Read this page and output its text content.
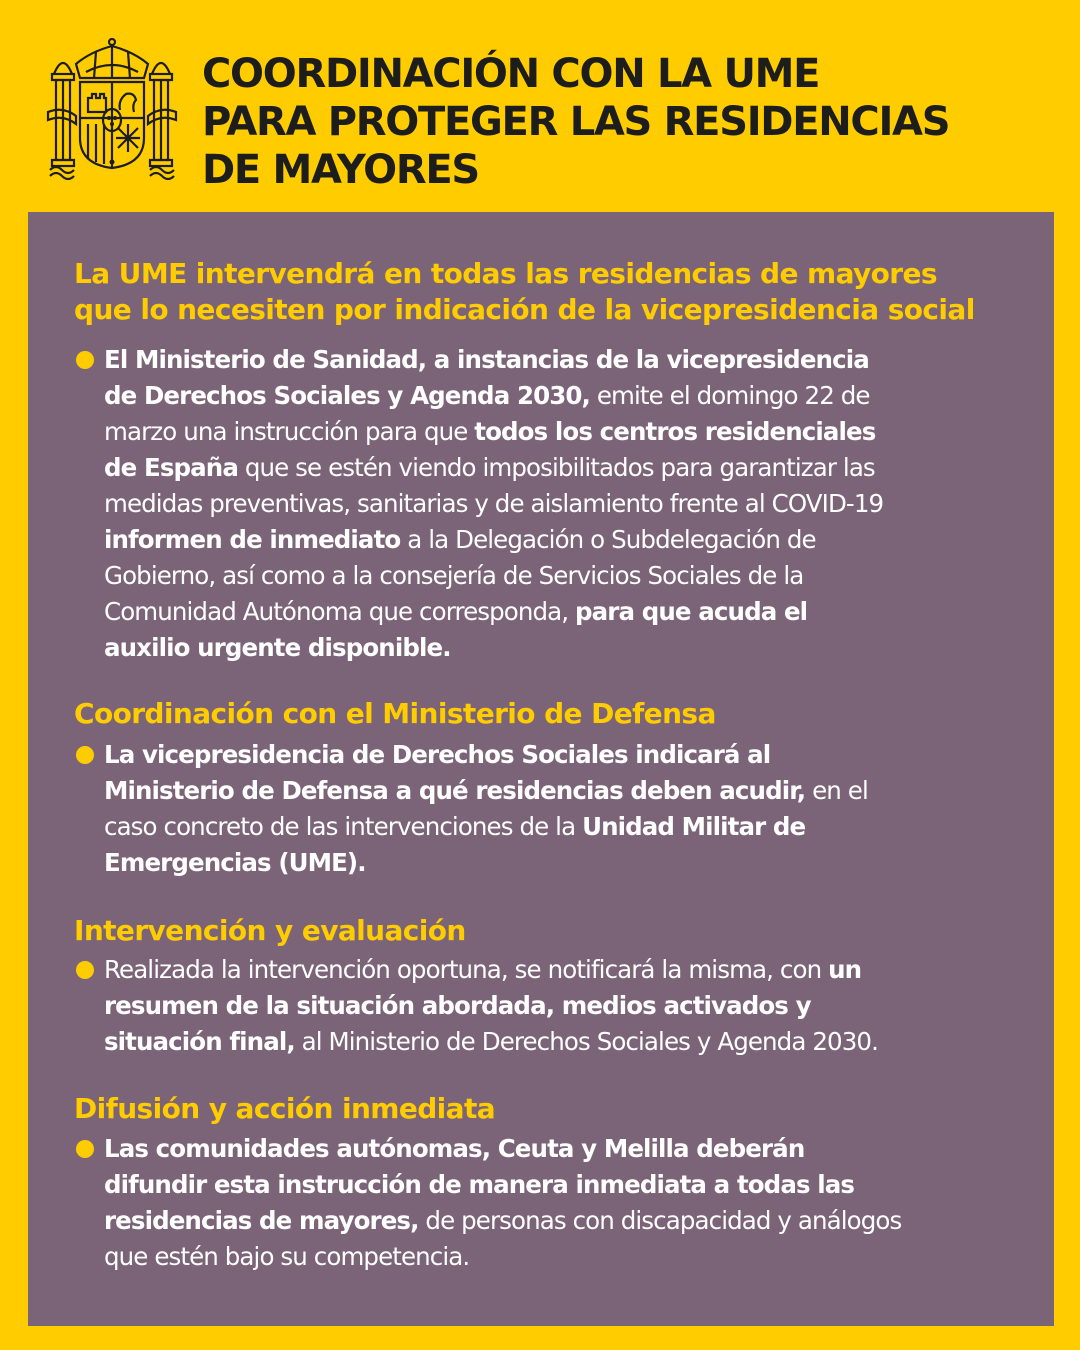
COORDINACIÓN CON LA UME
PARA PROTEGER LAS RESIDENCIAS
DE MAYORES
La UME intervendrá en todas las residencias de mayores
que lo necesiten por indicación de la vicepresidencia social

El Ministerio de Sanidad, a instancias de la vicepresidencia
de Derechos Sociales y Agenda 2030, emite el domingo 22 de
marzo una instrucción para que todos los centros residenciales
de España que se estén viendo imposibilitados para garantizar las
medidas preventivas, sanitarias y de aislamiento frente al COVID-19
informen de inmediato a la Delegación o Subdelegación de
Gobierno, así como a la consejería de Servicios Sociales de la
Comunidad Autónoma que corresponda, para que acuda el
auxilio urgente disponible.

Coordinación con el Ministerio de Defensa

La vicepresidencia de Derechos Sociales indicará al
Ministerio de Defensa a qué residencias deben acudir, en el
caso concreto de las intervenciones de la Unidad Militar de
Emergencias (UME).

Intervención y evaluación

Realizada la intervención oportuna, se notificará la misma, con un
resumen de la situación abordada, medios activados y
situación final, al Ministerio de Derechos Sociales y Agenda 2030.

Difusión y acción inmediata

Las comunidades autónomas, Ceuta y Melilla deberán
difundir esta instrucción de manera inmediata a todas las
residencias de mayores, de personas con discapacidad y análogos
que estén bajo su competencia.
